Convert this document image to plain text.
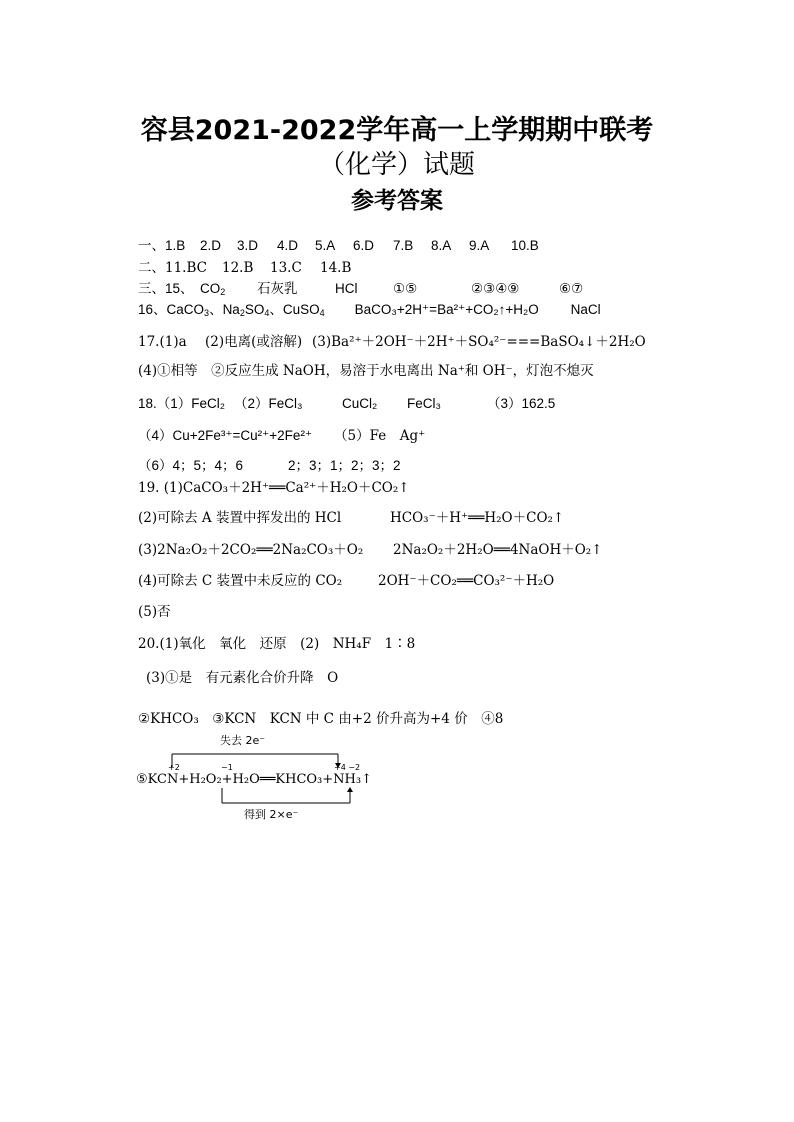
容县2021-2022学年高一上学期期中联考
（化学）试题
参考答案
一、1.B 2.D 3.D 4.D 5.A 6.D 7.B 8.A 9.A 10.B
二、11.BC 12.B 13.C 14.B
三、15、 $CO_2$ 石灰乳	HCl	①⑤	②③④⑨	⑥⑦
16、CaCO$_3$、$Na_2SO_4$、CuSO$_4$ BaCO₃+2H⁺=Ba²⁺+CO₂↑+H₂O NaCl
17.(1)a (2)电离(或溶解) (3)Ba²⁺＋2OH⁻＋2H⁺＋SO₄²⁻===BaSO₄↓＋2H₂O
(4)①相等　②反应生成 NaOH，易溶于水电离出 Na⁺和 OH⁻，灯泡不熄灭
18.（1）FeCl₂ （2）FeCl₃	CuCl₂ FeCl₃	（3）162.5
（4）Cu+2Fe³⁺=Cu²⁺+2Fe²⁺ （5）Fe　Ag⁺
（6）4；5；4；6	2；3；1；2；3；2
19. (1)CaCO₃＋2H⁺══Ca²⁺＋H₂O＋CO₂↑
(2)可除去 A 装置中挥发出的 HCl	HCO₃⁻＋H⁺══H₂O＋CO₂↑
(3)2Na₂O₂＋2CO₂══2Na₂CO₃＋O₂ 2Na₂O₂＋2H₂O══4NaOH＋O₂↑
(4)可除去 C 装置中未反应的 CO₂	2OH⁻＋CO₂══CO₃²⁻＋H₂O
(5)否
20.(1)氧化　氧化　还原　(2)　NH₄F　1∶8
(3)①是　有元素化合价升降　O
②KHCO₃　③KCN　KCN 中 C 由+2 价升高为+4 价　④8
失去 2e⁻
+2	−1	+4 −2
⑤KCN+H₂O₂+H₂O══KHCO₃+NH₃↑
得到 2×e⁻
